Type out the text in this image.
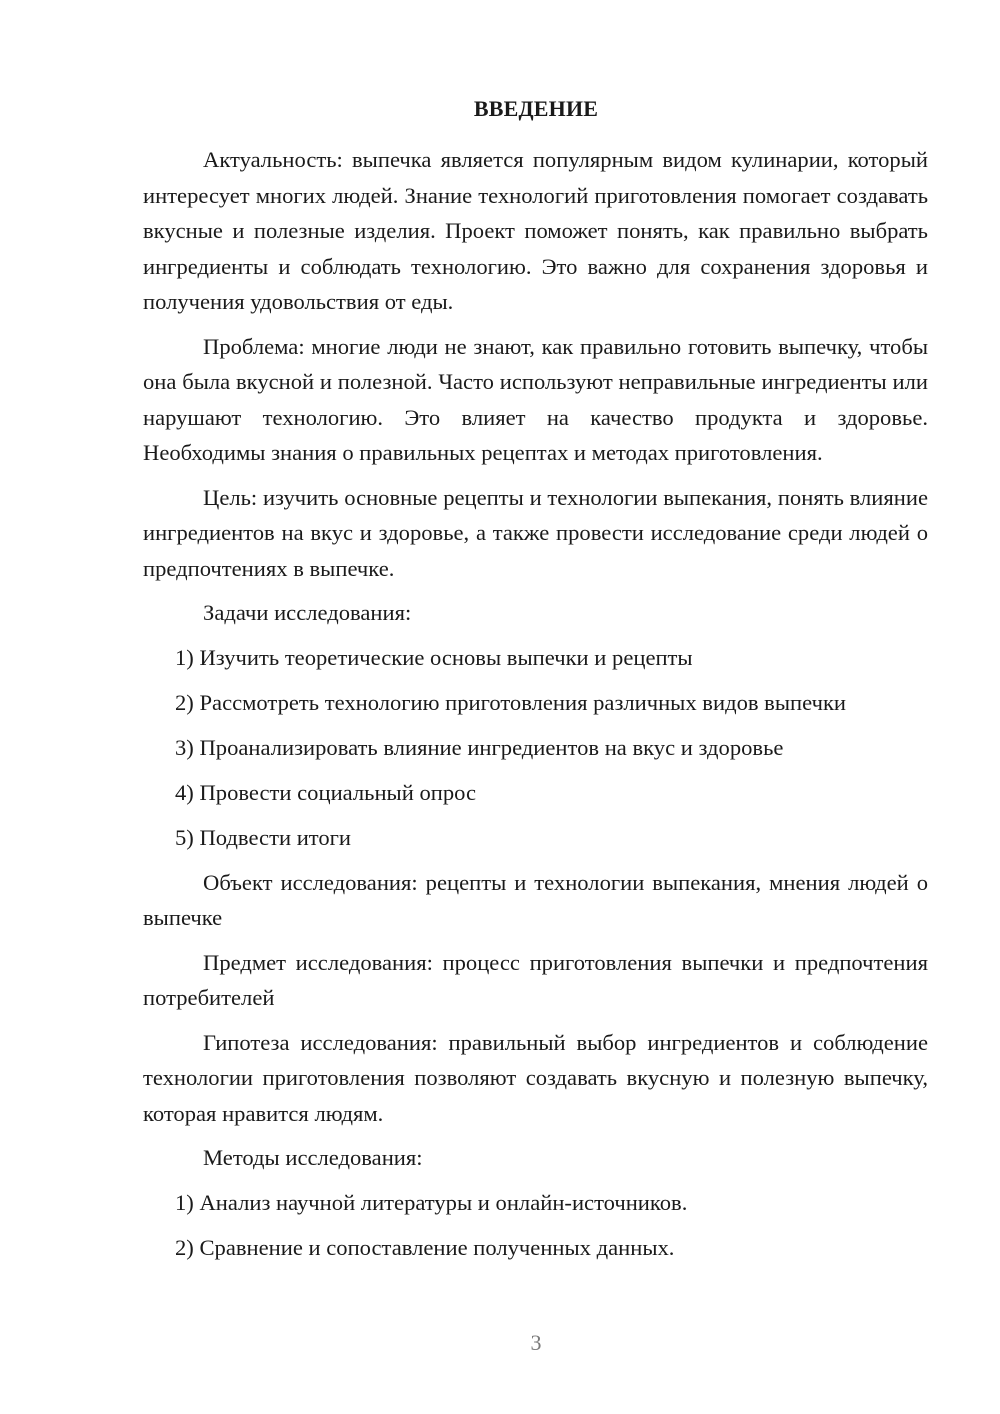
ВВЕДЕНИЕ

Актуальность: выпечка является популярным видом кулинарии, который интересует многих людей. Знание технологий приготовления помогает создавать вкусные и полезные изделия. Проект поможет понять, как правильно выбрать ингредиенты и соблюдать технологию. Это важно для сохранения здоровья и получения удовольствия от еды.

Проблема: многие люди не знают, как правильно готовить выпечку, чтобы она была вкусной и полезной. Часто используют неправильные ингредиенты или нарушают технологию. Это влияет на качество продукта и здоровье. Необходимы знания о правильных рецептах и методах приготовления.

Цель: изучить основные рецепты и технологии выпекания, понять влияние ингредиентов на вкус и здоровье, а также провести исследование среди людей о предпочтениях в выпечке.

Задачи исследования:

1) Изучить теоретические основы выпечки и рецепты
2) Рассмотреть технологию приготовления различных видов выпечки
3) Проанализировать влияние ингредиентов на вкус и здоровье
4) Провести социальный опрос
5) Подвести итоги

Объект исследования: рецепты и технологии выпекания, мнения людей о выпечке

Предмет исследования: процесс приготовления выпечки и предпочтения потребителей

Гипотеза исследования: правильный выбор ингредиентов и соблюдение технологии приготовления позволяют создавать вкусную и полезную выпечку, которая нравится людям.

Методы исследования:

1) Анализ научной литературы и онлайн-источников.
2) Сравнение и сопоставление полученных данных.
3
